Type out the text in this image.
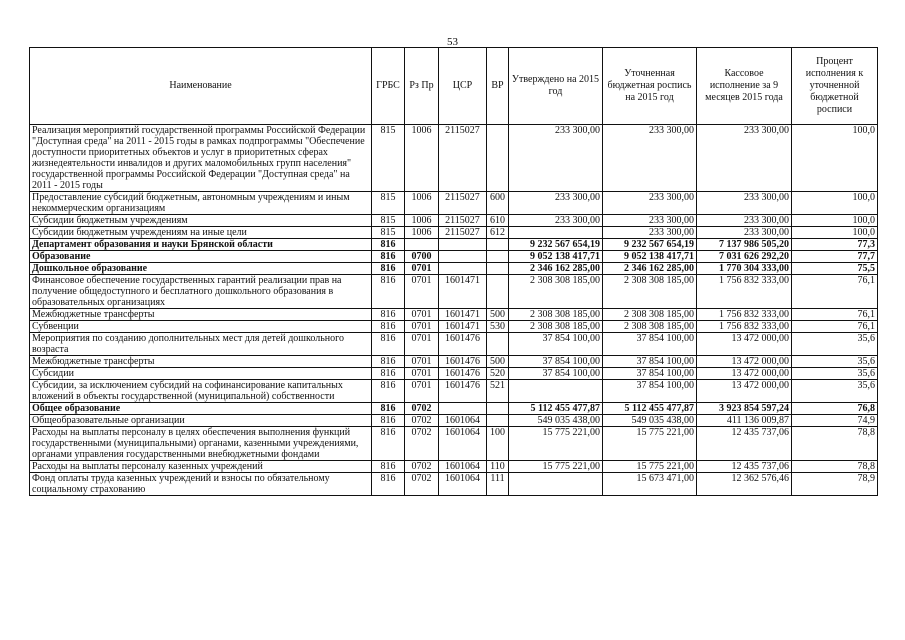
53
Наименование	ГРБС	Рз Пр	ЦСР	ВР	Утверждено на 2015 год	Уточненная бюджетная роспись на 2015 год	Кассовое исполнение за 9 месяцев 2015 года	Процент исполнения к уточненной бюджетной росписи
Реализация мероприятий государственной программы Российской Федерации "Доступная среда" на 2011 - 2015 годы в рамках подпрограммы "Обеспечение доступности приоритетных объектов и услуг в приоритетных сферах жизнедеятельности инвалидов и других маломобильных групп населения" государственной программы Российской Федерации "Доступная среда" на 2011 - 2015 годы	815	1006	2115027		233 300,00	233 300,00	233 300,00	100,0
Предоставление субсидий бюджетным, автономным учреждениям и иным некоммерческим организациям	815	1006	2115027	600	233 300,00	233 300,00	233 300,00	100,0
Субсидии бюджетным учреждениям	815	1006	2115027	610	233 300,00	233 300,00	233 300,00	100,0
Субсидии бюджетным учреждениям на иные цели	815	1006	2115027	612		233 300,00	233 300,00	100,0
Департамент образования и науки Брянской области	816				9 232 567 654,19	9 232 567 654,19	7 137 986 505,20	77,3
Образование	816	0700			9 052 138 417,71	9 052 138 417,71	7 031 626 292,20	77,7
Дошкольное образование	816	0701			2 346 162 285,00	2 346 162 285,00	1 770 304 333,00	75,5
Финансовое обеспечение государственных гарантий реализации прав на получение общедоступного и бесплатного дошкольного образования в образовательных организациях	816	0701	1601471		2 308 308 185,00	2 308 308 185,00	1 756 832 333,00	76,1
Межбюджетные трансферты	816	0701	1601471	500	2 308 308 185,00	2 308 308 185,00	1 756 832 333,00	76,1
Субвенции	816	0701	1601471	530	2 308 308 185,00	2 308 308 185,00	1 756 832 333,00	76,1
Мероприятия по созданию дополнительных мест для детей дошкольного возраста	816	0701	1601476		37 854 100,00	37 854 100,00	13 472 000,00	35,6
Межбюджетные трансферты	816	0701	1601476	500	37 854 100,00	37 854 100,00	13 472 000,00	35,6
Субсидии	816	0701	1601476	520	37 854 100,00	37 854 100,00	13 472 000,00	35,6
Субсидии, за исключением субсидий на софинансирование капитальных вложений в объекты государственной (муниципальной) собственности	816	0701	1601476	521		37 854 100,00	13 472 000,00	35,6
Общее образование	816	0702			5 112 455 477,87	5 112 455 477,87	3 923 854 597,24	76,8
Общеобразовательные организации	816	0702	1601064		549 035 438,00	549 035 438,00	411 136 009,87	74,9
Расходы на выплаты персоналу в целях обеспечения выполнения функций государственными (муниципальными) органами, казенными учреждениями, органами управления государственными внебюджетными фондами	816	0702	1601064	100	15 775 221,00	15 775 221,00	12 435 737,06	78,8
Расходы на выплаты персоналу казенных учреждений	816	0702	1601064	110	15 775 221,00	15 775 221,00	12 435 737,06	78,8
Фонд оплаты труда казенных учреждений и взносы по обязательному социальному страхованию	816	0702	1601064	111		15 673 471,00	12 362 576,46	78,9
